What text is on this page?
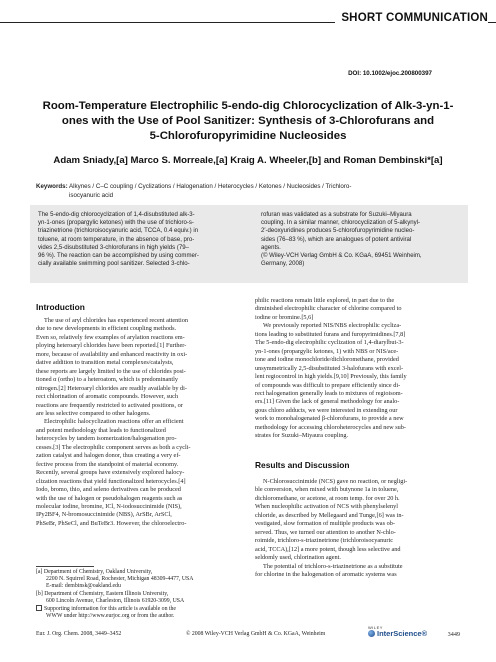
SHORT COMMUNICATION
DOI: 10.1002/ejoc.200800397
Room-Temperature Electrophilic 5-endo-dig Chlorocyclization of Alk-3-yn-1-
ones with the Use of Pool Sanitizer: Synthesis of 3-Chlorofurans and
5-Chlorofuropyrimidine Nucleosides
Adam Sniady,[a] Marco S. Morreale,[a] Kraig A. Wheeler,[b] and Roman Dembinski*[a]
Keywords: Alkynes / C–C coupling / Cyclizations / Halogenation / Heterocycles / Ketones / Nucleosides / Trichloro-
isocyanuric acid
The 5-endo-dig chlorocyclization of 1,4-disubstituted alk-3-
yn-1-ones (propargylic ketones) with the use of trichloro-s-
triazinetrione (trichloroisocyanuric acid, TCCA, 0.4 equiv.) in
toluene, at room temperature, in the absence of base, pro-
vides 2,5-disubstituted 3-chlorofurans in high yields (79–
96 %). The reaction can be accomplished by using commer-
cially available swimming pool sanitizer. Selected 3-chlo-
rofuran was validated as a substrate for Suzuki–Miyaura
coupling. In a similar manner, chlorocyclization of 5-alkynyl-
2′-deoxyuridines produces 5-chlorofuropyrimidine nucleo-
sides (76–83 %), which are analogues of potent antiviral
agents.
(© Wiley-VCH Verlag GmbH & Co. KGaA, 69451 Weinheim,
Germany, 2008)
Introduction
The use of aryl chlorides has experienced recent attention
due to new developments in efficient coupling methods.
Even so, relatively few examples of arylation reactions em-
ploying heteroaryl chlorides have been reported.[1] Further-
more, because of availability and enhanced reactivity in oxi-
dative addition to transition metal complexes/catalysts,
these reports are largely limited to the use of chlorides posi-
tioned α (ortho) to a heteroatom, which is predominantly
nitrogen.[2] Heteroaryl chlorides are readily available by di-
rect chlorination of aromatic compounds. However, such
reactions are frequently restricted to activated positions, or
are less selective compared to other halogens.
Electrophilic halocyclization reactions offer an efficient
and potent methodology that leads to functionalized
heterocycles by tandem isomerization/halogenation pro-
cesses.[3] The electrophilic component serves as both a cycli-
zation catalyst and halogen donor, thus creating a very ef-
fective process from the standpoint of material economy.
Recently, several groups have extensively explored halocy-
clization reactions that yield functionalized heterocycles.[4]
Iodo, bromo, thio, and seleno derivatives can be produced
with the use of halogen or pseudohalogen reagents such as
molecular iodine, bromine, ICl, N-iodosuccinimide (NIS),
IPy2BF4, N-bromosuccinimide (NBS), ArSBr, ArSCl,
PhSeBr, PhSeCl, and BuTeBr3. However, the chloroelectro-
philic reactions remain little explored, in part due to the
diminished electrophilic character of chlorine compared to
iodine or bromine.[5,6]
We previously reported NIS/NBS electrophilic cycliza-
tions leading to substituted furans and furopyrimidines.[7,8]
The 5-endo-dig electrophilic cyclization of 1,4-diarylbut-3-
yn-1-ones (propargylic ketones, 1) with NBS or NIS/ace-
tone and iodine monochloride/dichloromethane, provided
unsymmetrically 2,5-disubstituted 3-halofurans with excel-
lent regiocontrol in high yields.[9,10] Previously, this family
of compounds was difficult to prepare efficiently since di-
rect halogenation generally leads to mixtures of regioisom-
ers.[11] Given the lack of general methodology for analo-
gous chloro adducts, we were interested in extending our
work to monohalogenated β-chlorofurans, to provide a new
methodology for accessing chloroheterocycles and new sub-
strates for Suzuki–Miyaura coupling.
Results and Discussion
N-Chlorosuccinimide (NCS) gave no reaction, or negligi-
ble conversion, when mixed with butynone 1a in toluene,
dichloromethane, or acetone, at room temp. for over 20 h.
When nucleophilic activation of NCS with phenylselenyl
chloride, as described by Mellegaard and Tunge,[6] was in-
vestigated, slow formation of multiple products was ob-
served. Thus, we turned our attention to another N-chlo-
roimide, trichloro-s-triazinetrione (trichloroisocyanuric
acid, TCCA),[12] a more potent, though less selective and
seldomly used, chlorination agent.
The potential of trichloro-s-triazinetrione as a substitute
for chlorine in the halogenation of aromatic systems was
[a] Department of Chemistry, Oakland University,
2200 N. Squirrel Road, Rochester, Michigan 48309-4477, USA
E-mail: dembinsk@oakland.edu
[b] Department of Chemistry, Eastern Illinois University,
600 Lincoln Avenue, Charleston, Illinois 61920-3099, USA
Supporting information for this article is available on the
WWW under http://www.eurjoc.org or from the author.
Eur. J. Org. Chem. 2008, 3449–3452	© 2008 Wiley-VCH Verlag GmbH & Co. KGaA, Weinheim	3449
WILEY
InterScience®
